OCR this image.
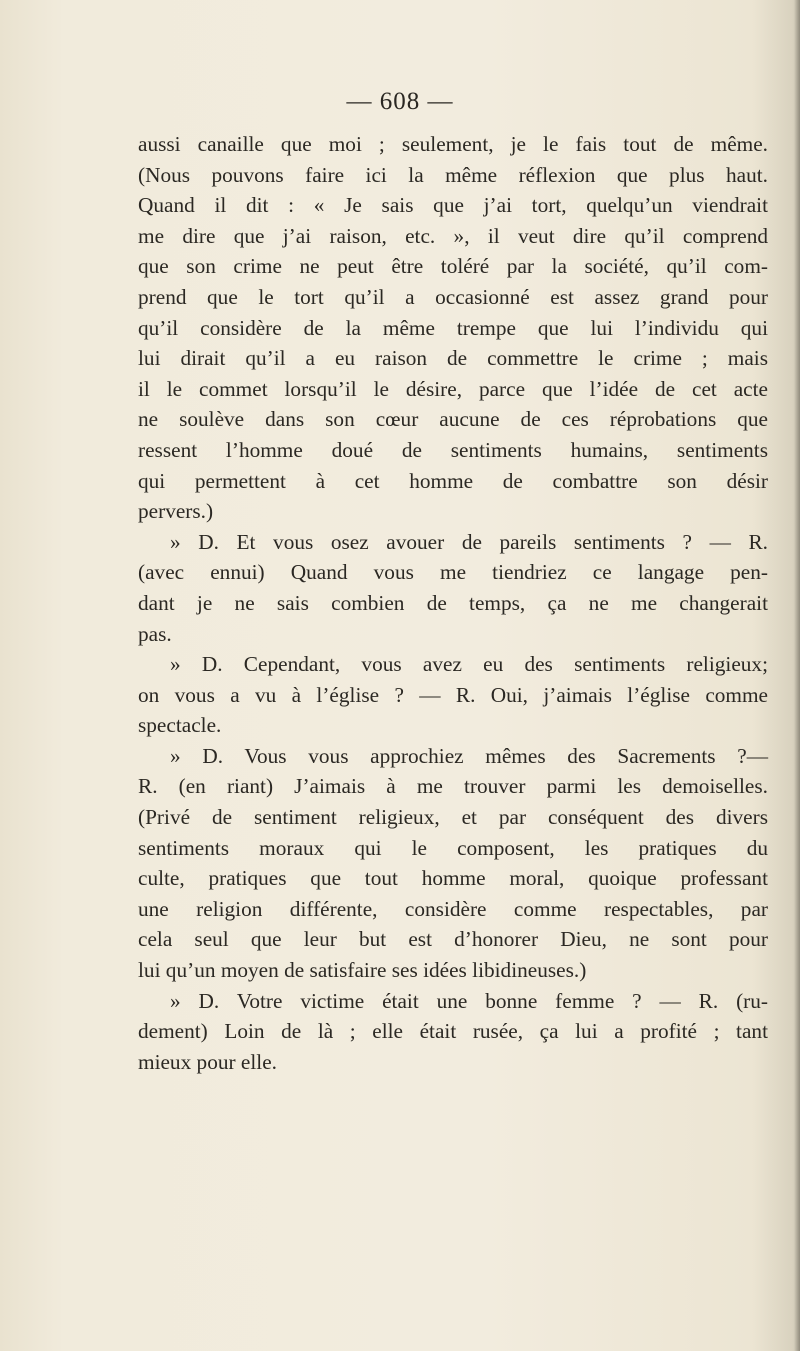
— 608 —
aussi canaille que moi ; seulement, je le fais tout de même.
(Nous pouvons faire ici la même réflexion que plus haut.
Quand il dit : « Je sais que j’ai tort, quelqu’un viendrait
me dire que j’ai raison, etc. », il veut dire qu’il comprend
que son crime ne peut être toléré par la société, qu’il com-
prend que le tort qu’il a occasionné est assez grand pour
qu’il considère de la même trempe que lui l’individu qui
lui dirait qu’il a eu raison de commettre le crime ; mais
il le commet lorsqu’il le désire, parce que l’idée de cet acte
ne soulève dans son cœur aucune de ces réprobations que
ressent l’homme doué de sentiments humains, sentiments
qui permettent à cet homme de combattre son désir
pervers.)
» D. Et vous osez avouer de pareils sentiments ? — R.
(avec ennui) Quand vous me tiendriez ce langage pen-
dant je ne sais combien de temps, ça ne me changerait
pas.
» D. Cependant, vous avez eu des sentiments religieux;
on vous a vu à l’église ? — R. Oui, j’aimais l’église comme
spectacle.
» D. Vous vous approchiez mêmes des Sacrements ?—
R. (en riant) J’aimais à me trouver parmi les demoiselles.
(Privé de sentiment religieux, et par conséquent des divers
sentiments moraux qui le composent, les pratiques du
culte, pratiques que tout homme moral, quoique professant
une religion différente, considère comme respectables, par
cela seul que leur but est d’honorer Dieu, ne sont pour
lui qu’un moyen de satisfaire ses idées libidineuses.)
» D. Votre victime était une bonne femme ? — R. (ru-
dement) Loin de là ; elle était rusée, ça lui a profité ; tant
mieux pour elle.
